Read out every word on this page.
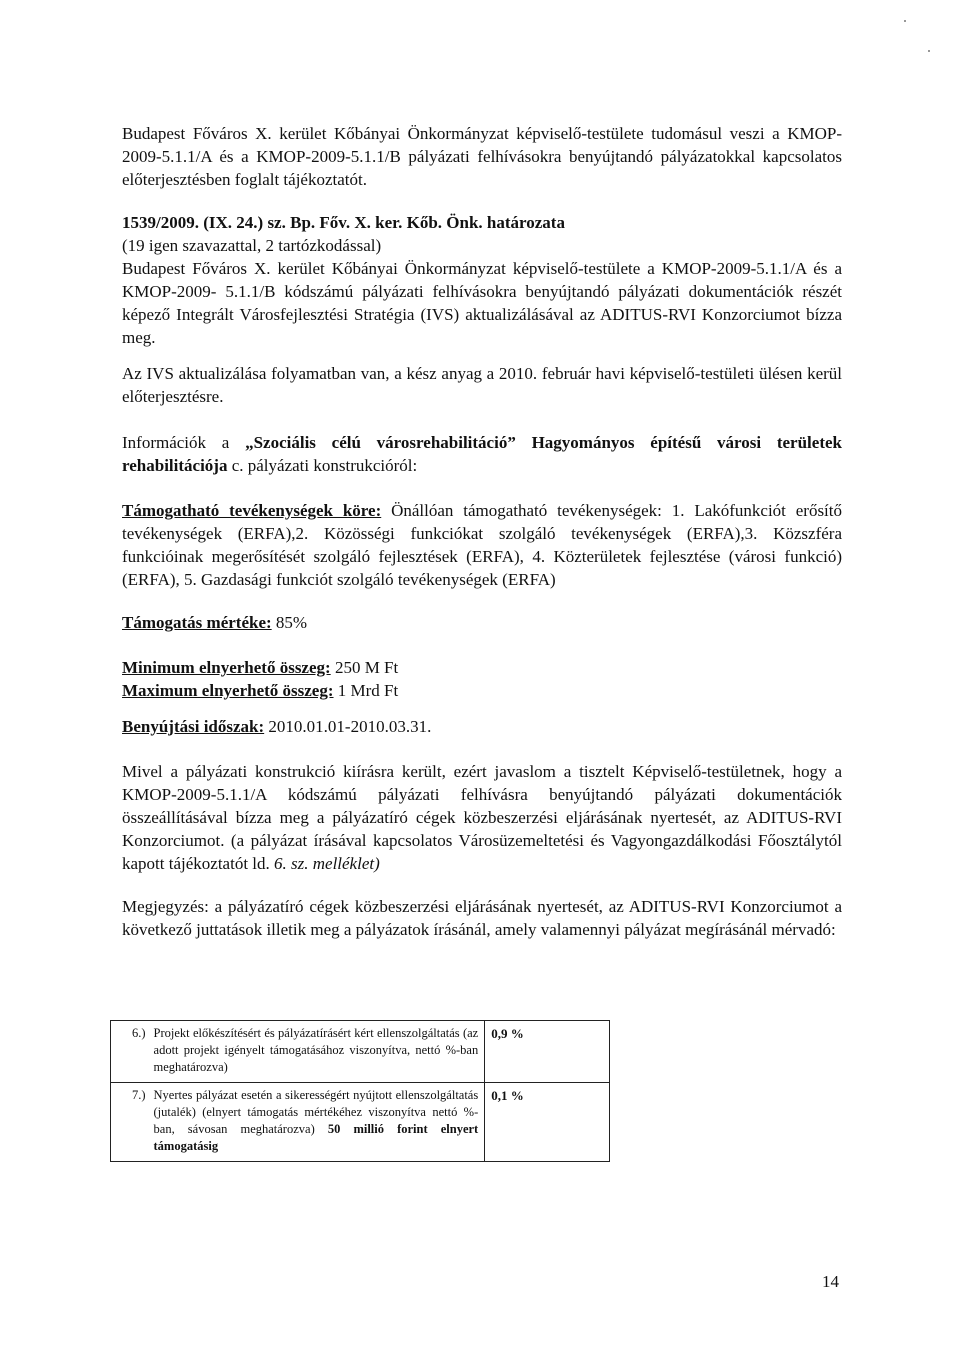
Budapest Főváros X. kerület Kőbányai Önkormányzat képviselő-testülete tudomásul veszi a KMOP-2009-5.1.1/A és a KMOP-2009-5.1.1/B pályázati felhívásokra benyújtandó pályázatokkal kapcsolatos előterjesztésben foglalt tájékoztatót.

1539/2009. (IX. 24.) sz. Bp. Főv. X. ker. Kőb. Önk. határozata

(19 igen szavazattal, 2 tartózkodással)

Budapest Főváros X. kerület Kőbányai Önkormányzat képviselő-testülete a KMOP-2009-5.1.1/A és a KMOP-2009- 5.1.1/B kódszámú pályázati felhívásokra benyújtandó pályázati dokumentációk részét képező Integrált Városfejlesztési Stratégia (IVS) aktualizálásával az ADITUS-RVI Konzorciumot bízza meg.

Az IVS aktualizálása folyamatban van, a kész anyag a 2010. február havi képviselő-testületi ülésen kerül előterjesztésre.

Információk a „Szociális célú városrehabilitáció” Hagyományos építésű városi területek rehabilitációja c. pályázati konstrukcióról:

Támogatható tevékenységek köre: Önállóan támogatható tevékenységek: 1. Lakófunkciót erősítő tevékenységek (ERFA),2. Közösségi funkciókat szolgáló tevékenységek (ERFA),3. Közszféra funkcióinak megerősítését szolgáló fejlesztések (ERFA), 4. Közterületek fejlesztése (városi funkció) (ERFA), 5. Gazdasági funkciót szolgáló tevékenységek (ERFA)

Támogatás mértéke: 85%

Minimum elnyerhető összeg: 250 M Ft

Maximum elnyerhető összeg: 1 Mrd Ft

Benyújtási időszak: 2010.01.01-2010.03.31.

Mivel a pályázati konstrukció kiírásra került, ezért javaslom a tisztelt Képviselő-testületnek, hogy a KMOP-2009-5.1.1/A kódszámú pályázati felhívásra benyújtandó pályázati dokumentációk összeállításával bízza meg a pályázatíró cégek közbeszerzési eljárásának nyertesét, az ADITUS-RVI Konzorciumot. (a pályázat írásával kapcsolatos Városüzemeltetési és Vagyongazdálkodási Főosztálytól kapott tájékoztatót ld. 6. sz. melléklet)

Megjegyzés: a pályázatíró cégek közbeszerzési eljárásának nyertesét, az ADITUS-RVI Konzorciumot a következő juttatások illetik meg a pályázatok írásánál, amely valamennyi pályázat megírásánál mérvadó:

6.)	Projekt előkészítésért és pályázatírásért kért ellenszolgáltatás (az adott projekt igényelt támogatásához viszonyítva, nettó %-ban meghatározva)	0,9 %
7.)	Nyertes pályázat esetén a sikerességért nyújtott ellenszolgáltatás (jutalék) (elnyert támogatás mértékéhez viszonyítva nettó %-ban, sávosan meghatározva) 50 millió forint elnyert támogatásig	0,1 %
14
